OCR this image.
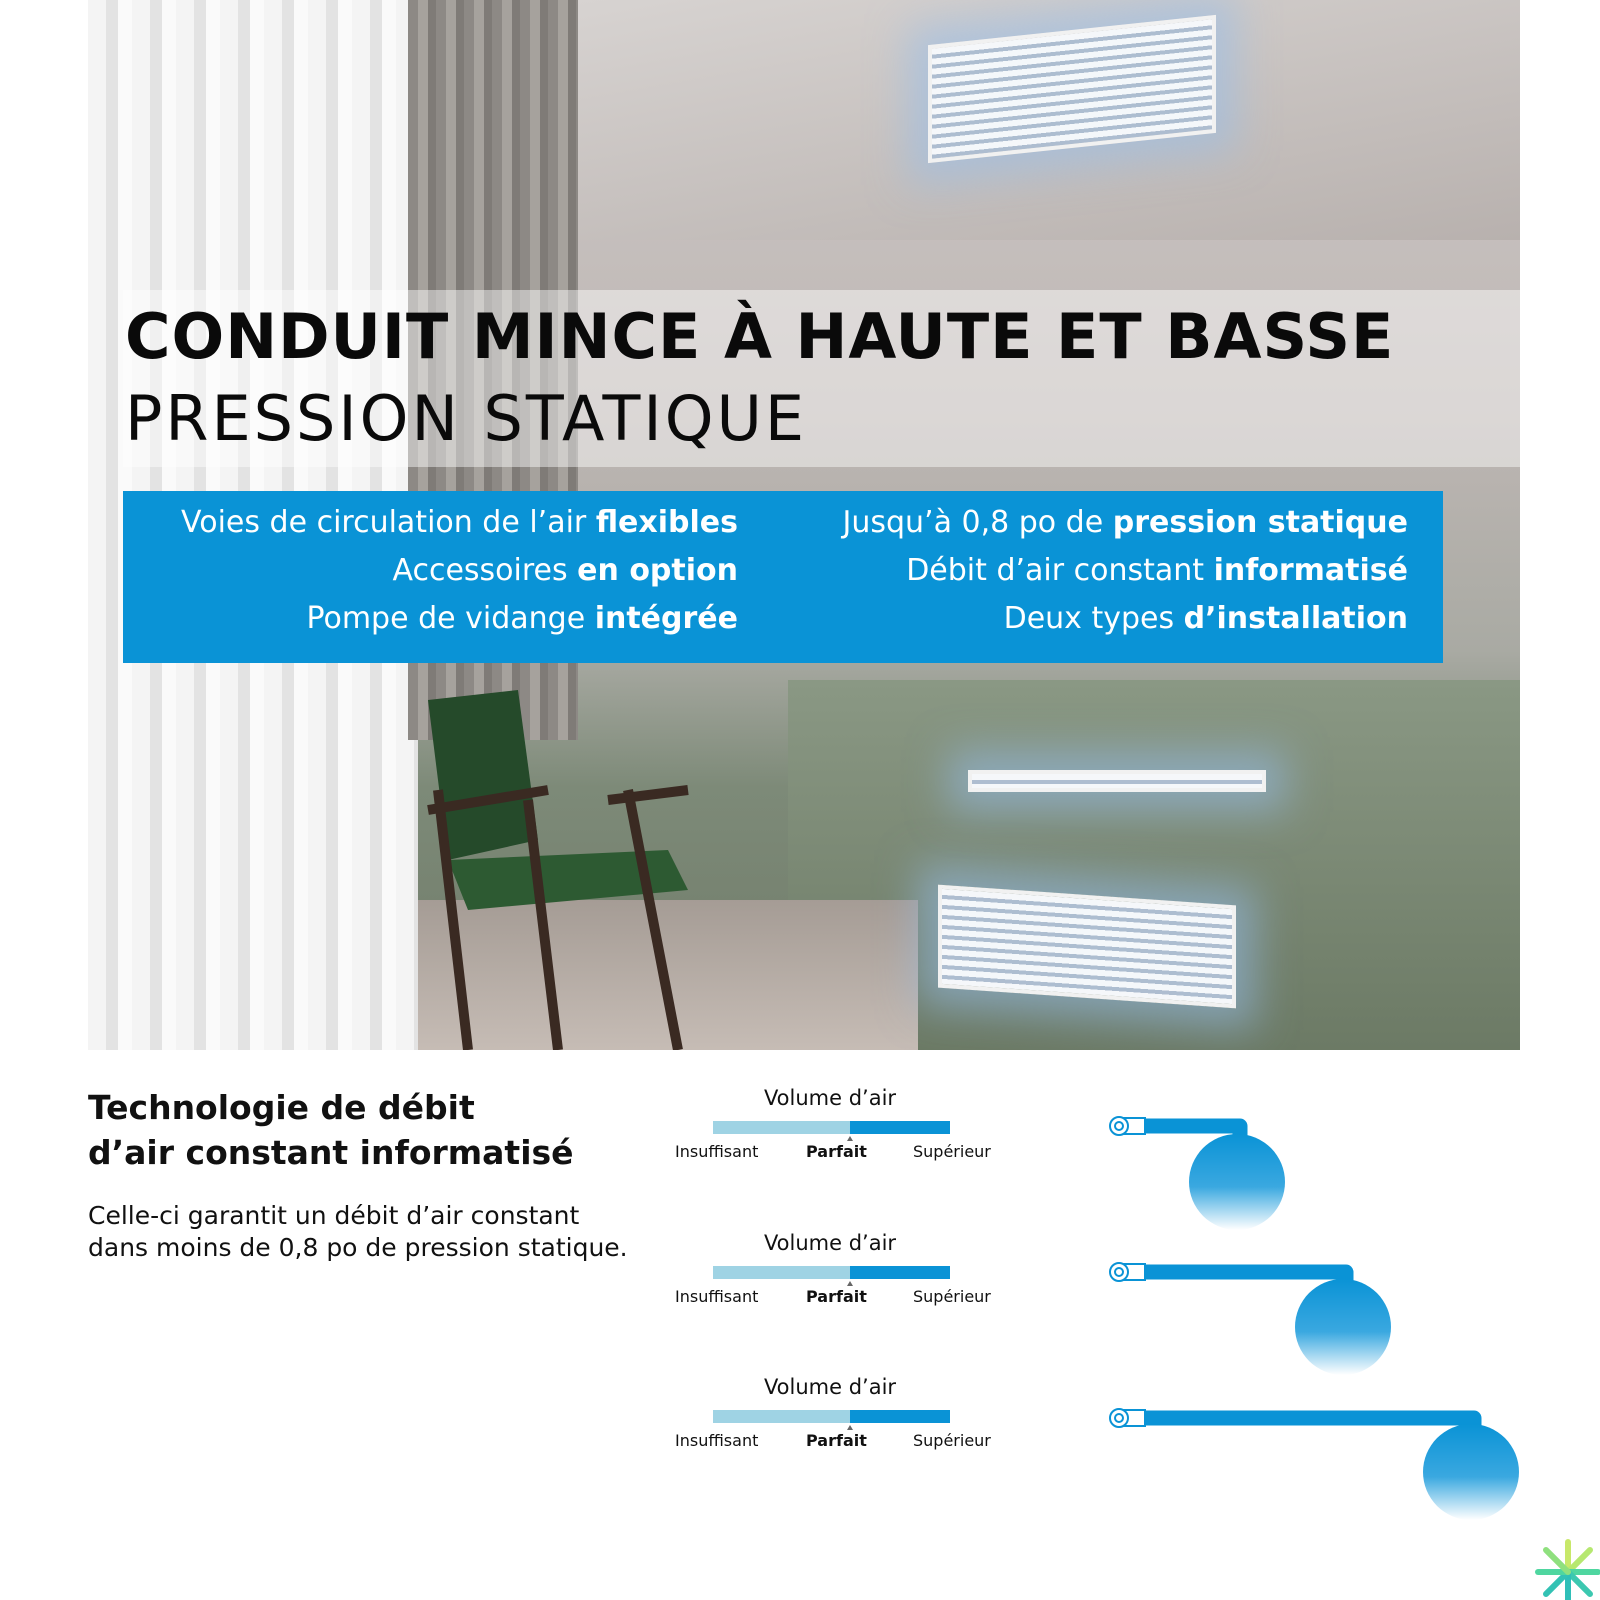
CONDUIT MINCE À HAUTE ET BASSE
PRESSION STATIQUE
Voies de circulation de l’air flexibles
Accessoires en option
Pompe de vidange intégrée
Jusqu’à 0,8 po de pression statique
Débit d’air constant informatisé
Deux types d’installation
Technologie de débit
d’air constant informatisé
Celle-ci garantit un débit d’air constant
dans moins de 0,8 po de pression statique.
Volume d’air
Insuffisant	Parfait	Supérieur
Volume d’air
Insuffisant	Parfait	Supérieur
Volume d’air
Insuffisant	Parfait	Supérieur
